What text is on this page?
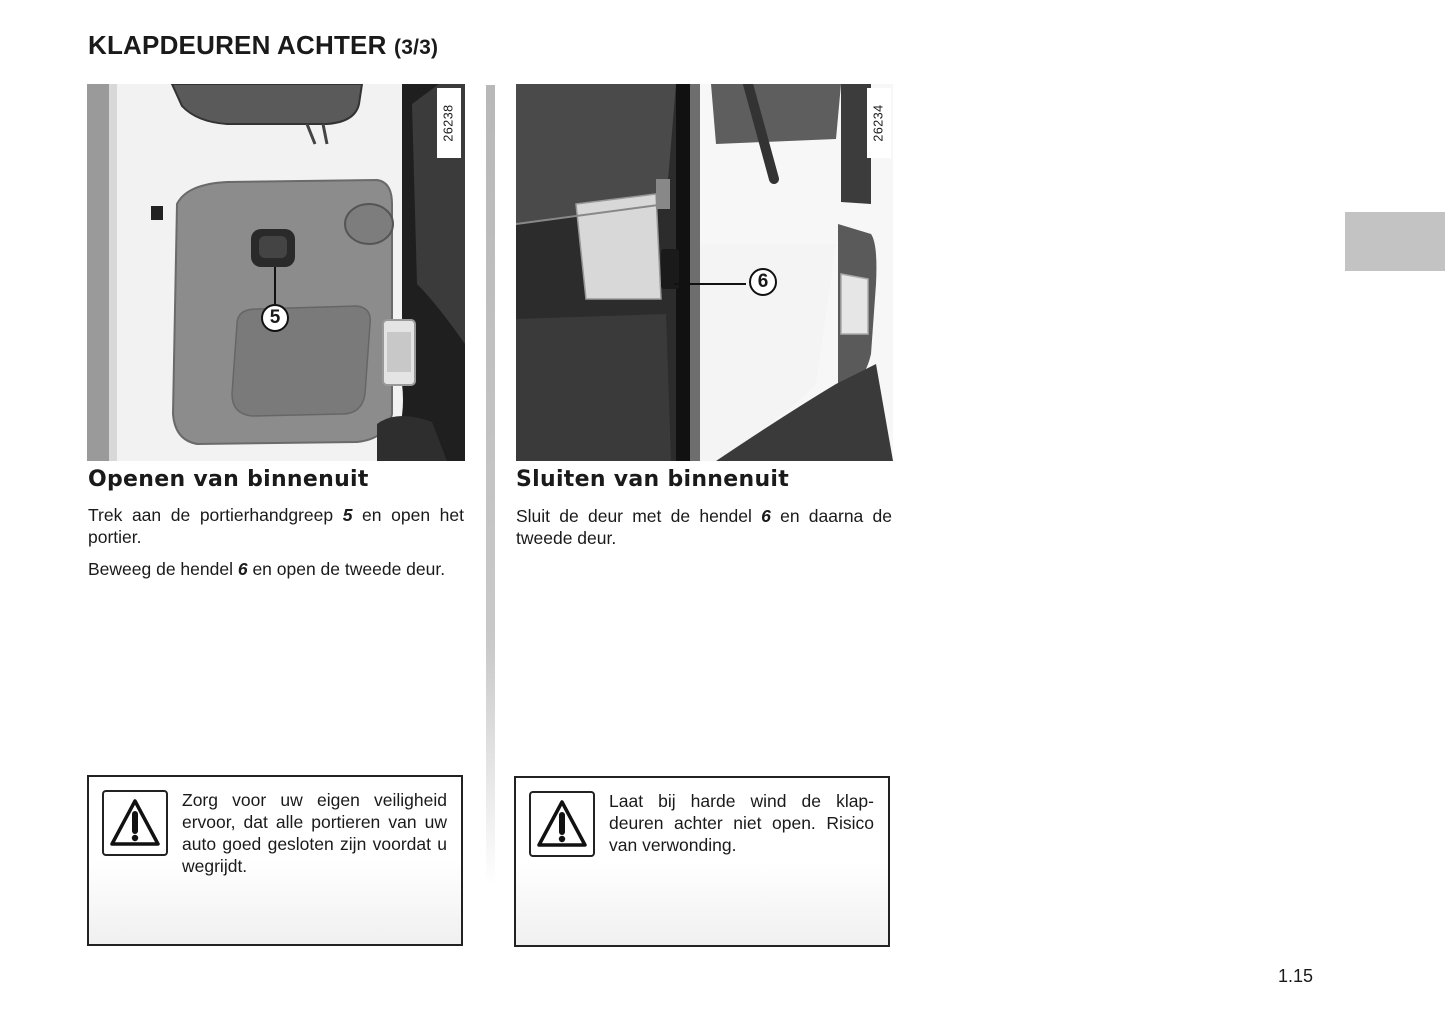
KLAPDEUREN ACHTER (3/3)
26238
5
26234
6
Openen van binnenuit

Trek aan de portierhandgreep 5 en open het portier.

Beweeg de hendel 6 en open de tweede deur.

Sluiten van binnenuit

Sluit de deur met de hendel 6 en daarna de tweede deur.

Zorg voor uw eigen veiligheid ervoor, dat alle portieren van uw auto goed gesloten zijn voordat u wegrijdt.

Laat bij harde wind de klap-deuren achter niet open. Risico van verwonding.

1.15
